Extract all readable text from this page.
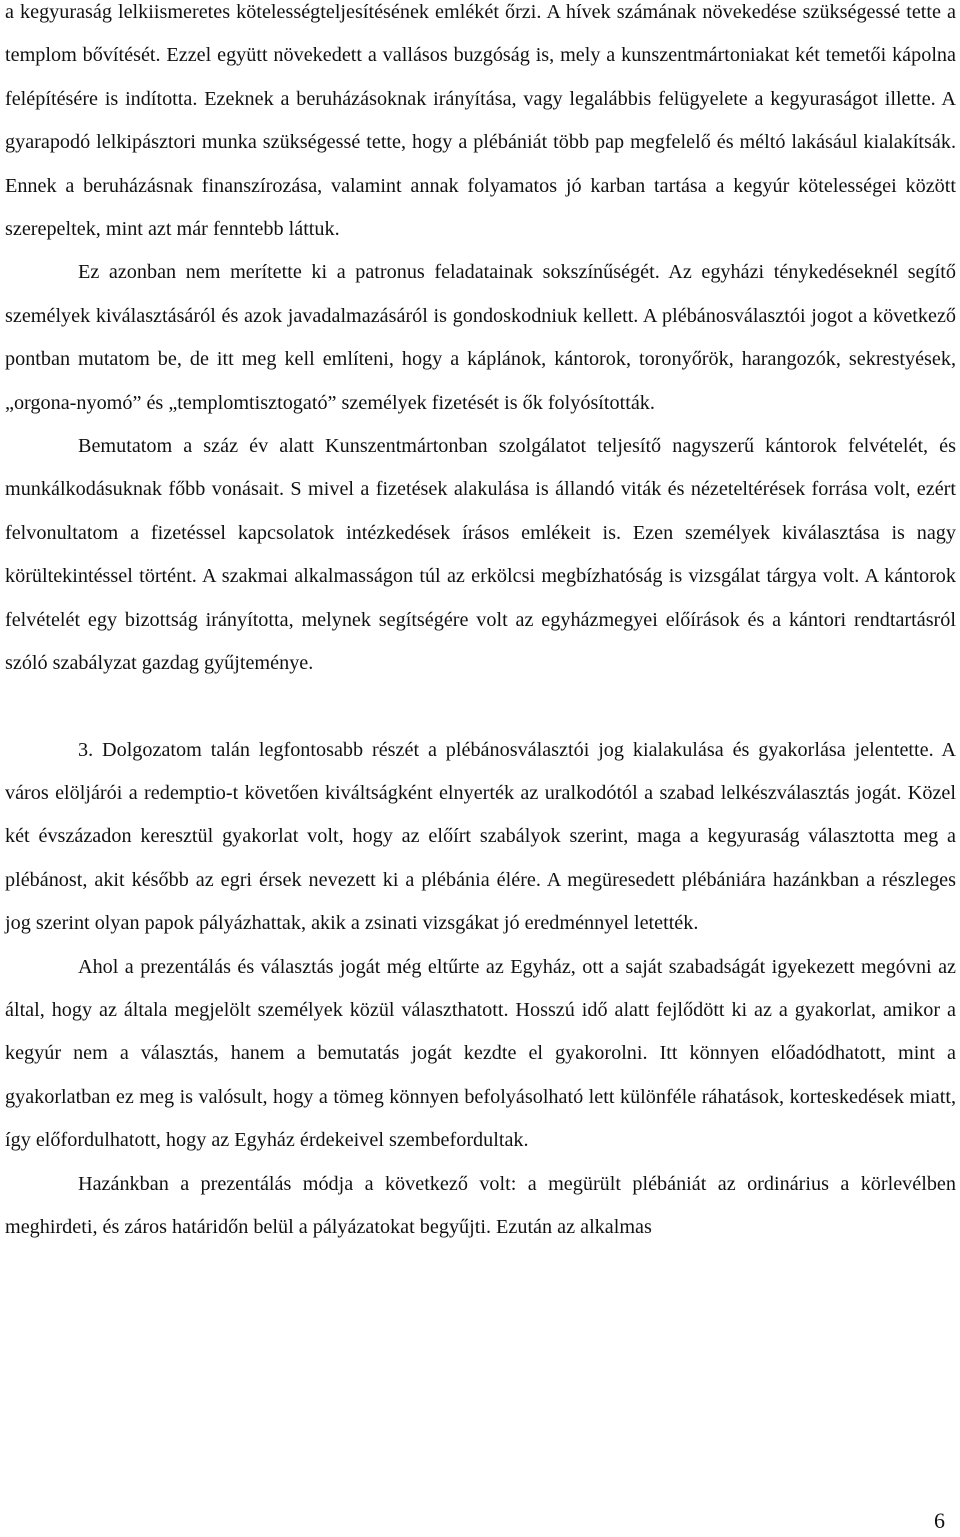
a kegyuraság lelkiismeretes kötelességteljesítésének emlékét őrzi. A hívek számának növekedése szükségessé tette a templom bővítését. Ezzel együtt növekedett a vallásos buzgóság is, mely a kunszentmártoniakat két temetői kápolna felépítésére is indította. Ezeknek a beruházásoknak irányítása, vagy legalábbis felügyelete a kegyuraságot illette. A gyarapodó lelkipásztori munka szükségessé tette, hogy a plébániát több pap megfelelő és méltó lakásául kialakítsák. Ennek a beruházásnak finanszírozása, valamint annak folyamatos jó karban tartása a kegyúr kötelességei között szerepeltek, mint azt már fenntebb láttuk.

Ez azonban nem merítette ki a patronus feladatainak sokszínűségét. Az egyházi ténykedéseknél segítő személyek kiválasztásáról és azok javadalmazásáról is gondoskodniuk kellett. A plébánosválasztói jogot a következő pontban mutatom be, de itt meg kell említeni, hogy a káplánok, kántorok, toronyőrök, harangozók, sekrestyések, „orgona-nyomó” és „templomtisztogató” személyek fizetését is ők folyósították.

Bemutatom a száz év alatt Kunszentmártonban szolgálatot teljesítő nagyszerű kántorok felvételét, és munkálkodásuknak főbb vonásait. S mivel a fizetések alakulása is állandó viták és nézeteltérések forrása volt, ezért felvonultatom a fizetéssel kapcsolatok intézkedések írásos emlékeit is. Ezen személyek kiválasztása is nagy körültekintéssel történt. A szakmai alkalmasságon túl az erkölcsi megbízhatóság is vizsgálat tárgya volt. A kántorok felvételét egy bizottság irányította, melynek segítségére volt az egyházmegyei előírások és a kántori rendtartásról szóló szabályzat gazdag gyűjteménye.

3. Dolgozatom talán legfontosabb részét a plébánosválasztói jog kialakulása és gyakorlása jelentette. A város elöljárói a redemptio-t követően kiváltságként elnyerték az uralkodótól a szabad lelkészválasztás jogát. Közel két évszázadon keresztül gyakorlat volt, hogy az előírt szabályok szerint, maga a kegyuraság választotta meg a plébánost, akit később az egri érsek nevezett ki a plébánia élére. A megüresedett plébániára hazánkban a részleges jog szerint olyan papok pályázhattak, akik a zsinati vizsgákat jó eredménnyel letették.

Ahol a prezentálás és választás jogát még eltűrte az Egyház, ott a saját szabadságát igyekezett megóvni az által, hogy az általa megjelölt személyek közül választhatott. Hosszú idő alatt fejlődött ki az a gyakorlat, amikor a kegyúr nem a választás, hanem a bemutatás jogát kezdte el gyakorolni. Itt könnyen előadódhatott, mint a gyakorlatban ez meg is valósult, hogy a tömeg könnyen befolyásolható lett különféle ráhatások, korteskedések miatt, így előfordulhatott, hogy az Egyház érdekeivel szembefordultak.

Hazánkban a prezentálás módja a következő volt: a megürült plébániát az ordinárius a körlevélben meghirdeti, és záros határidőn belül a pályázatokat begyűjti. Ezután az alkalmas

6
